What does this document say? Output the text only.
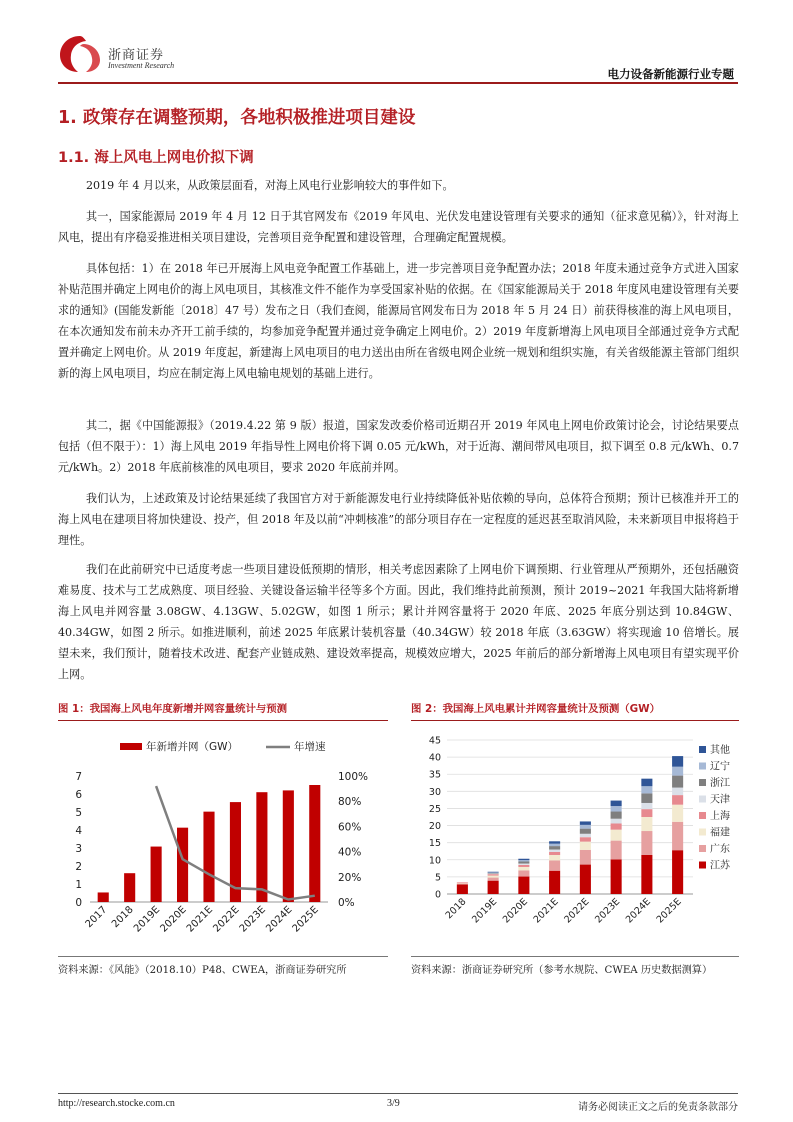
浙商证券
Investment Research
电力设备新能源行业专题
1. 政策存在调整预期，各地积极推进项目建设
1.1. 海上风电上网电价拟下调

2019 年 4 月以来，从政策层面看，对海上风电行业影响较大的事件如下。

其一，国家能源局 2019 年 4 月 12 日于其官网发布《2019 年风电、光伏发电建设管理有关要求的通知（征求意见稿）》，针对海上风电，提出有序稳妥推进相关项目建设，完善项目竞争配置和建设管理，合理确定配置规模。

具体包括：1）在 2018 年已开展海上风电竞争配置工作基础上，进一步完善项目竞争配置办法；2018 年度未通过竞争方式进入国家补贴范围并确定上网电价的海上风电项目，其核准文件不能作为享受国家补贴的依据。在《国家能源局关于 2018 年度风电建设管理有关要求的通知》(国能发新能〔2018〕47 号）发布之日（我们查阅，能源局官网发布日为 2018 年 5 月 24 日）前获得核准的海上风电项目，在本次通知发布前未办齐开工前手续的，均参加竞争配置并通过竞争确定上网电价。2）2019 年度新增海上风电项目全部通过竞争方式配置并确定上网电价。从 2019 年度起，新建海上风电项目的电力送出由所在省级电网企业统一规划和组织实施，有关省级能源主管部门组织新的海上风电项目，均应在制定海上风电输电规划的基础上进行。

其二，据《中国能源报》（2019.4.22 第 9 版）报道，国家发改委价格司近期召开 2019 年风电上网电价政策讨论会，讨论结果要点包括（但不限于）：1）海上风电 2019 年指导性上网电价将下调 0.05 元/kWh，对于近海、潮间带风电项目，拟下调至 0.8 元/kWh、0.7 元/kWh。2）2018 年底前核准的风电项目，要求 2020 年底前并网。

我们认为，上述政策及讨论结果延续了我国官方对于新能源发电行业持续降低补贴依赖的导向，总体符合预期；预计已核准并开工的海上风电在建项目将加快建设、投产，但 2018 年及以前“冲刺核准”的部分项目存在一定程度的延迟甚至取消风险，未来新项目申报将趋于理性。

我们在此前研究中已适度考虑一些项目建设低预期的情形，相关考虑因素除了上网电价下调预期、行业管理从严预期外，还包括融资难易度、技术与工艺成熟度、项目经验、关键设备运输半径等多个方面。因此，我们维持此前预测，预计 2019~2021 年我国大陆将新增海上风电并网容量 3.08GW、4.13GW、5.02GW，如图 1 所示；累计并网容量将于 2020 年底、2025 年底分别达到 10.84GW、40.34GW，如图 2 所示。如推进顺利，前述 2025 年底累计装机容量（40.34GW）较 2018 年底（3.63GW）将实现逾 10 倍增长。展望未来，我们预计，随着技术改进、配套产业链成熟、建设效率提高，规模效应增大，2025 年前后的部分新增海上风电项目有望实现平价上网。

图 1：我国海上风电年度新增并网容量统计与预测
年新增并网（GW）	年增速
0
1
2
3
4
5
6
7
0%
20%
40%
60%
80%
100%
2017 2018
2019E
2020E
2021E
2022E
2023E
2024E
2025E
资料来源：《风能》（2018.10）P48、CWEA，浙商证券研究所
图 2：我国海上风电累计并网容量统计及预测（GW）
0
5
10
15
20
25
30
35
40
45
2018 2019E 2020E 2021E 2022E 2023E 2024E 2025E
其他
辽宁
浙江
天津
上海
福建
广东
江苏
资料来源：浙商证券研究所（参考水规院、CWEA 历史数据测算）
http://research.stocke.com.cn	3/9	请务必阅读正文之后的免责条款部分
